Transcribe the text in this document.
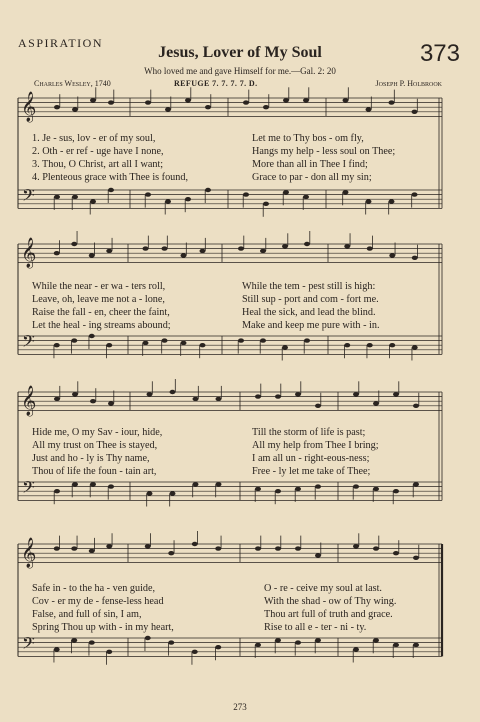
ASPIRATION
Jesus, Lover of My Soul	373
Who loved me and gave Himself for me.—Gal. 2: 20
Charles Wesley, 1740	REFUGE 7. 7. 7. 7. D.	Joseph P. Holbrook
𝄞
𝄢
𝄞
𝄢
𝄞
𝄢
𝄞
𝄢
1. Je - sus, lov - er of my soul,	Let me to Thy bos - om fly,
2. Oth - er ref - uge have I none,	Hangs my help - less soul on Thee;
3. Thou, O Christ, art all I want;	More than all in Thee I find;
4. Plenteous grace with Thee is found,	Grace to par - don all my sin;
While the near - er wa - ters roll,	While the tem - pest still is high:
Leave, oh, leave me not a - lone,	Still sup - port and com - fort me.
Raise the fall - en, cheer the faint,	Heal the sick, and lead the blind.
Let the heal - ing streams abound;	Make and keep me pure with - in.
Hide me, O my Sav - iour, hide,	Till the storm of life is past;
All my trust on Thee is stayed,	All my help from Thee I bring;
Just and ho - ly is Thy name,	I am all un - right-eous-ness;
Thou of life the foun - tain art,	Free - ly let me take of Thee;
Safe in - to the ha - ven guide,	O - re - ceive my soul at last.
Cov - er my de - fense-less head	With the shad - ow of Thy wing.
False, and full of sin, I am,	Thou art full of truth and grace.
Spring Thou up with - in my heart,	Rise to all e - ter - ni - ty.
273
